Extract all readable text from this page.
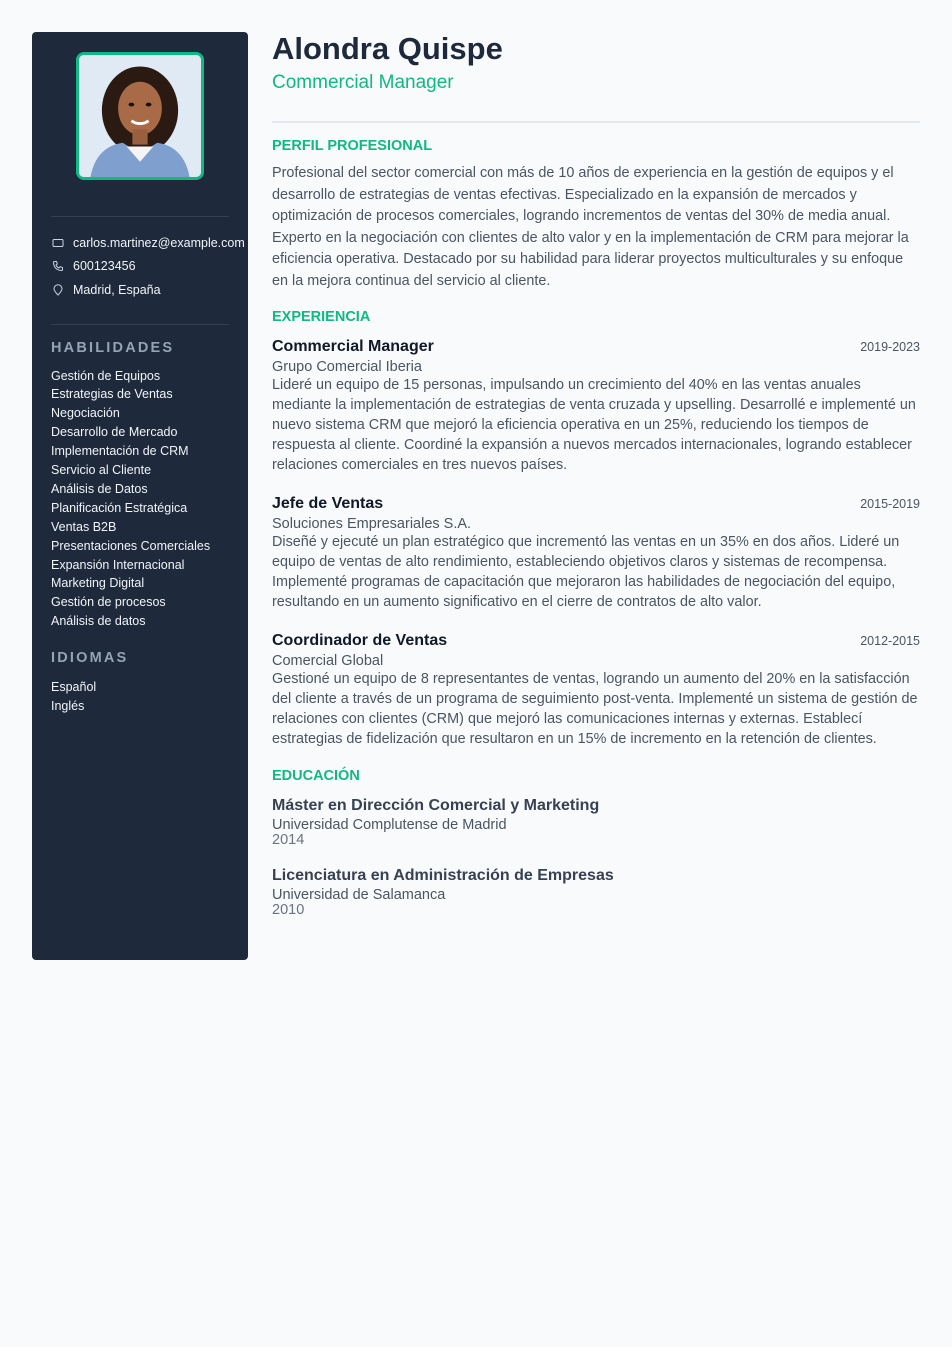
carlos.martinez@example.com
600123456
Madrid, España
HABILIDADES
Gestión de Equipos
Estrategias de Ventas
Negociación
Desarrollo de Mercado
Implementación de CRM
Servicio al Cliente
Análisis de Datos
Planificación Estratégica
Ventas B2B
Presentaciones Comerciales
Expansión Internacional
Marketing Digital
Gestión de procesos
Análisis de datos
IDIOMAS
Español
Inglés
Alondra Quispe
Commercial Manager
PERFIL PROFESIONAL

Profesional del sector comercial con más de 10 años de experiencia en la gestión de equipos y el desarrollo de estrategias de ventas efectivas. Especializado en la expansión de mercados y optimización de procesos comerciales, logrando incrementos de ventas del 30% de media anual. Experto en la negociación con clientes de alto valor y en la implementación de CRM para mejorar la eficiencia operativa. Destacado por su habilidad para liderar proyectos multiculturales y su enfoque en la mejora continua del servicio al cliente.

EXPERIENCIA
Commercial Manager	2019-2023
Grupo Comercial Iberia

Lideré un equipo de 15 personas, impulsando un crecimiento del 40% en las ventas anuales mediante la implementación de estrategias de venta cruzada y upselling. Desarrollé e implementé un nuevo sistema CRM que mejoró la eficiencia operativa en un 25%, reduciendo los tiempos de respuesta al cliente. Coordiné la expansión a nuevos mercados internacionales, logrando establecer relaciones comerciales en tres nuevos países.

Jefe de Ventas	2015-2019
Soluciones Empresariales S.A.

Diseñé y ejecuté un plan estratégico que incrementó las ventas en un 35% en dos años. Lideré un equipo de ventas de alto rendimiento, estableciendo objetivos claros y sistemas de recompensa. Implementé programas de capacitación que mejoraron las habilidades de negociación del equipo, resultando en un aumento significativo en el cierre de contratos de alto valor.

Coordinador de Ventas	2012-2015
Comercial Global

Gestioné un equipo de 8 representantes de ventas, logrando un aumento del 20% en la satisfacción del cliente a través de un programa de seguimiento post-venta. Implementé un sistema de gestión de relaciones con clientes (CRM) que mejoró las comunicaciones internas y externas. Establecí estrategias de fidelización que resultaron en un 15% de incremento en la retención de clientes.

EDUCACIÓN
Máster en Dirección Comercial y Marketing
Universidad Complutense de Madrid
2014
Licenciatura en Administración de Empresas
Universidad de Salamanca
2010
